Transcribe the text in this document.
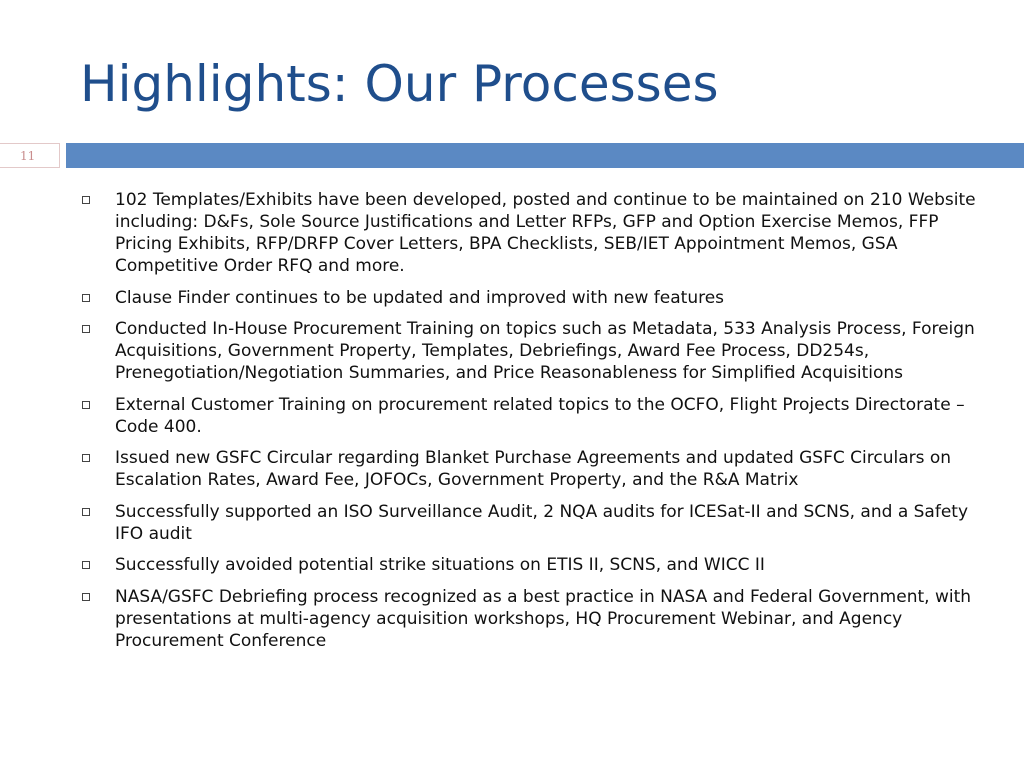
Highlights: Our Processes
11
102 Templates/Exhibits have been developed, posted and continue to be maintained on 210 Website including: D&Fs, Sole Source Justifications and Letter RFPs, GFP and Option Exercise Memos, FFP Pricing Exhibits, RFP/DRFP Cover Letters, BPA Checklists, SEB/IET Appointment Memos, GSA Competitive Order RFQ and more.
Clause Finder continues to be updated and improved with new features
Conducted In-House Procurement Training on topics such as Metadata, 533 Analysis Process, Foreign Acquisitions, Government Property, Templates, Debriefings, Award Fee Process, DD254s, Prenegotiation/Negotiation Summaries, and Price Reasonableness for Simplified Acquisitions
External Customer Training on procurement related topics to the OCFO, Flight Projects Directorate – Code 400.
Issued new GSFC Circular regarding Blanket Purchase Agreements and updated GSFC Circulars on Escalation Rates, Award Fee, JOFOCs, Government Property, and the R&A Matrix
Successfully supported an ISO Surveillance Audit, 2 NQA audits for ICESat-II and SCNS, and a Safety IFO audit
Successfully avoided potential strike situations on ETIS II, SCNS, and WICC II
NASA/GSFC Debriefing process recognized as a best practice in NASA and Federal Government, with presentations at multi-agency acquisition workshops, HQ Procurement Webinar, and Agency Procurement Conference
